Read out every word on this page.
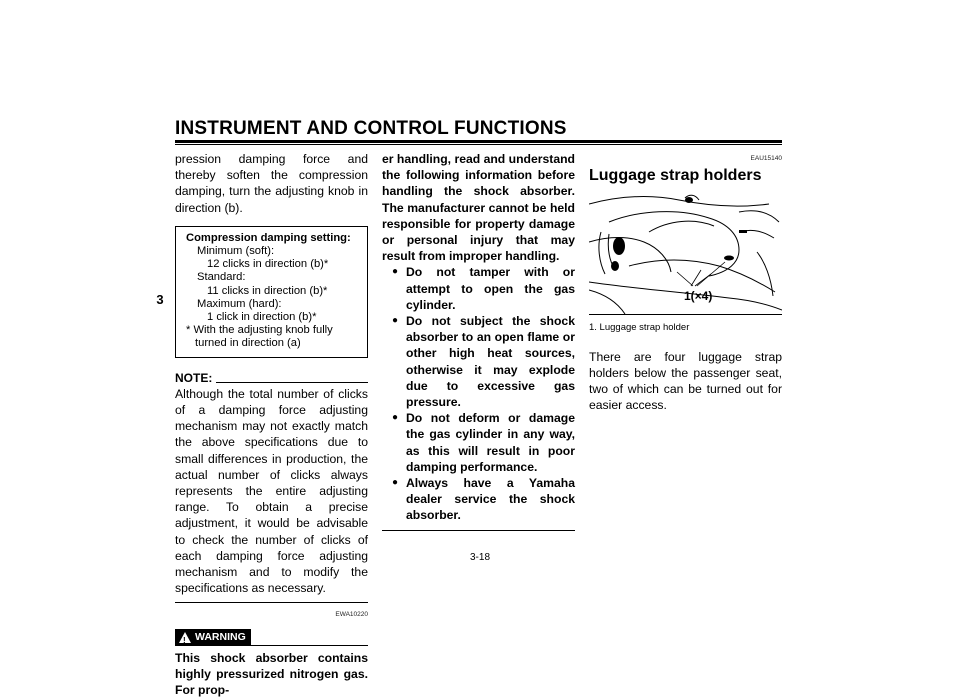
INSTRUMENT AND CONTROL FUNCTIONS
3

pression damping force and thereby soften the compression damping, turn the adjusting knob in direction (b).

Compression damping setting:
Minimum (soft):
12 clicks in direction (b)*
Standard:
11 clicks in direction (b)*
Maximum (hard):
1 click in direction (b)*
* With the adjusting knob fully turned in direction (a)
NOTE:

Although the total number of clicks of a damping force adjusting mechanism may not exactly match the above specifications due to small differences in production, the actual number of clicks always represents the entire adjusting range. To obtain a precise adjustment, it would be advisable to check the number of clicks of each damping force adjusting mechanism and to modify the specifications as necessary.

EWA10220
! WARNING

This shock absorber contains highly pressurized nitrogen gas. For prop-

er handling, read and understand the following information before handling the shock absorber. The manufacturer cannot be held responsible for property damage or personal injury that may result from improper handling.

● Do not tamper with or attempt to open the gas cylinder.
● Do not subject the shock absorber to an open flame or other high heat sources, otherwise it may explode due to excessive gas pressure.
● Do not deform or damage the gas cylinder in any way, as this will result in poor damping performance.
● Always have a Yamaha dealer service the shock absorber.
EAU15140
Luggage strap holders
1(×4)
1. Luggage strap holder

There are four luggage strap holders below the passenger seat, two of which can be turned out for easier access.

3-18
